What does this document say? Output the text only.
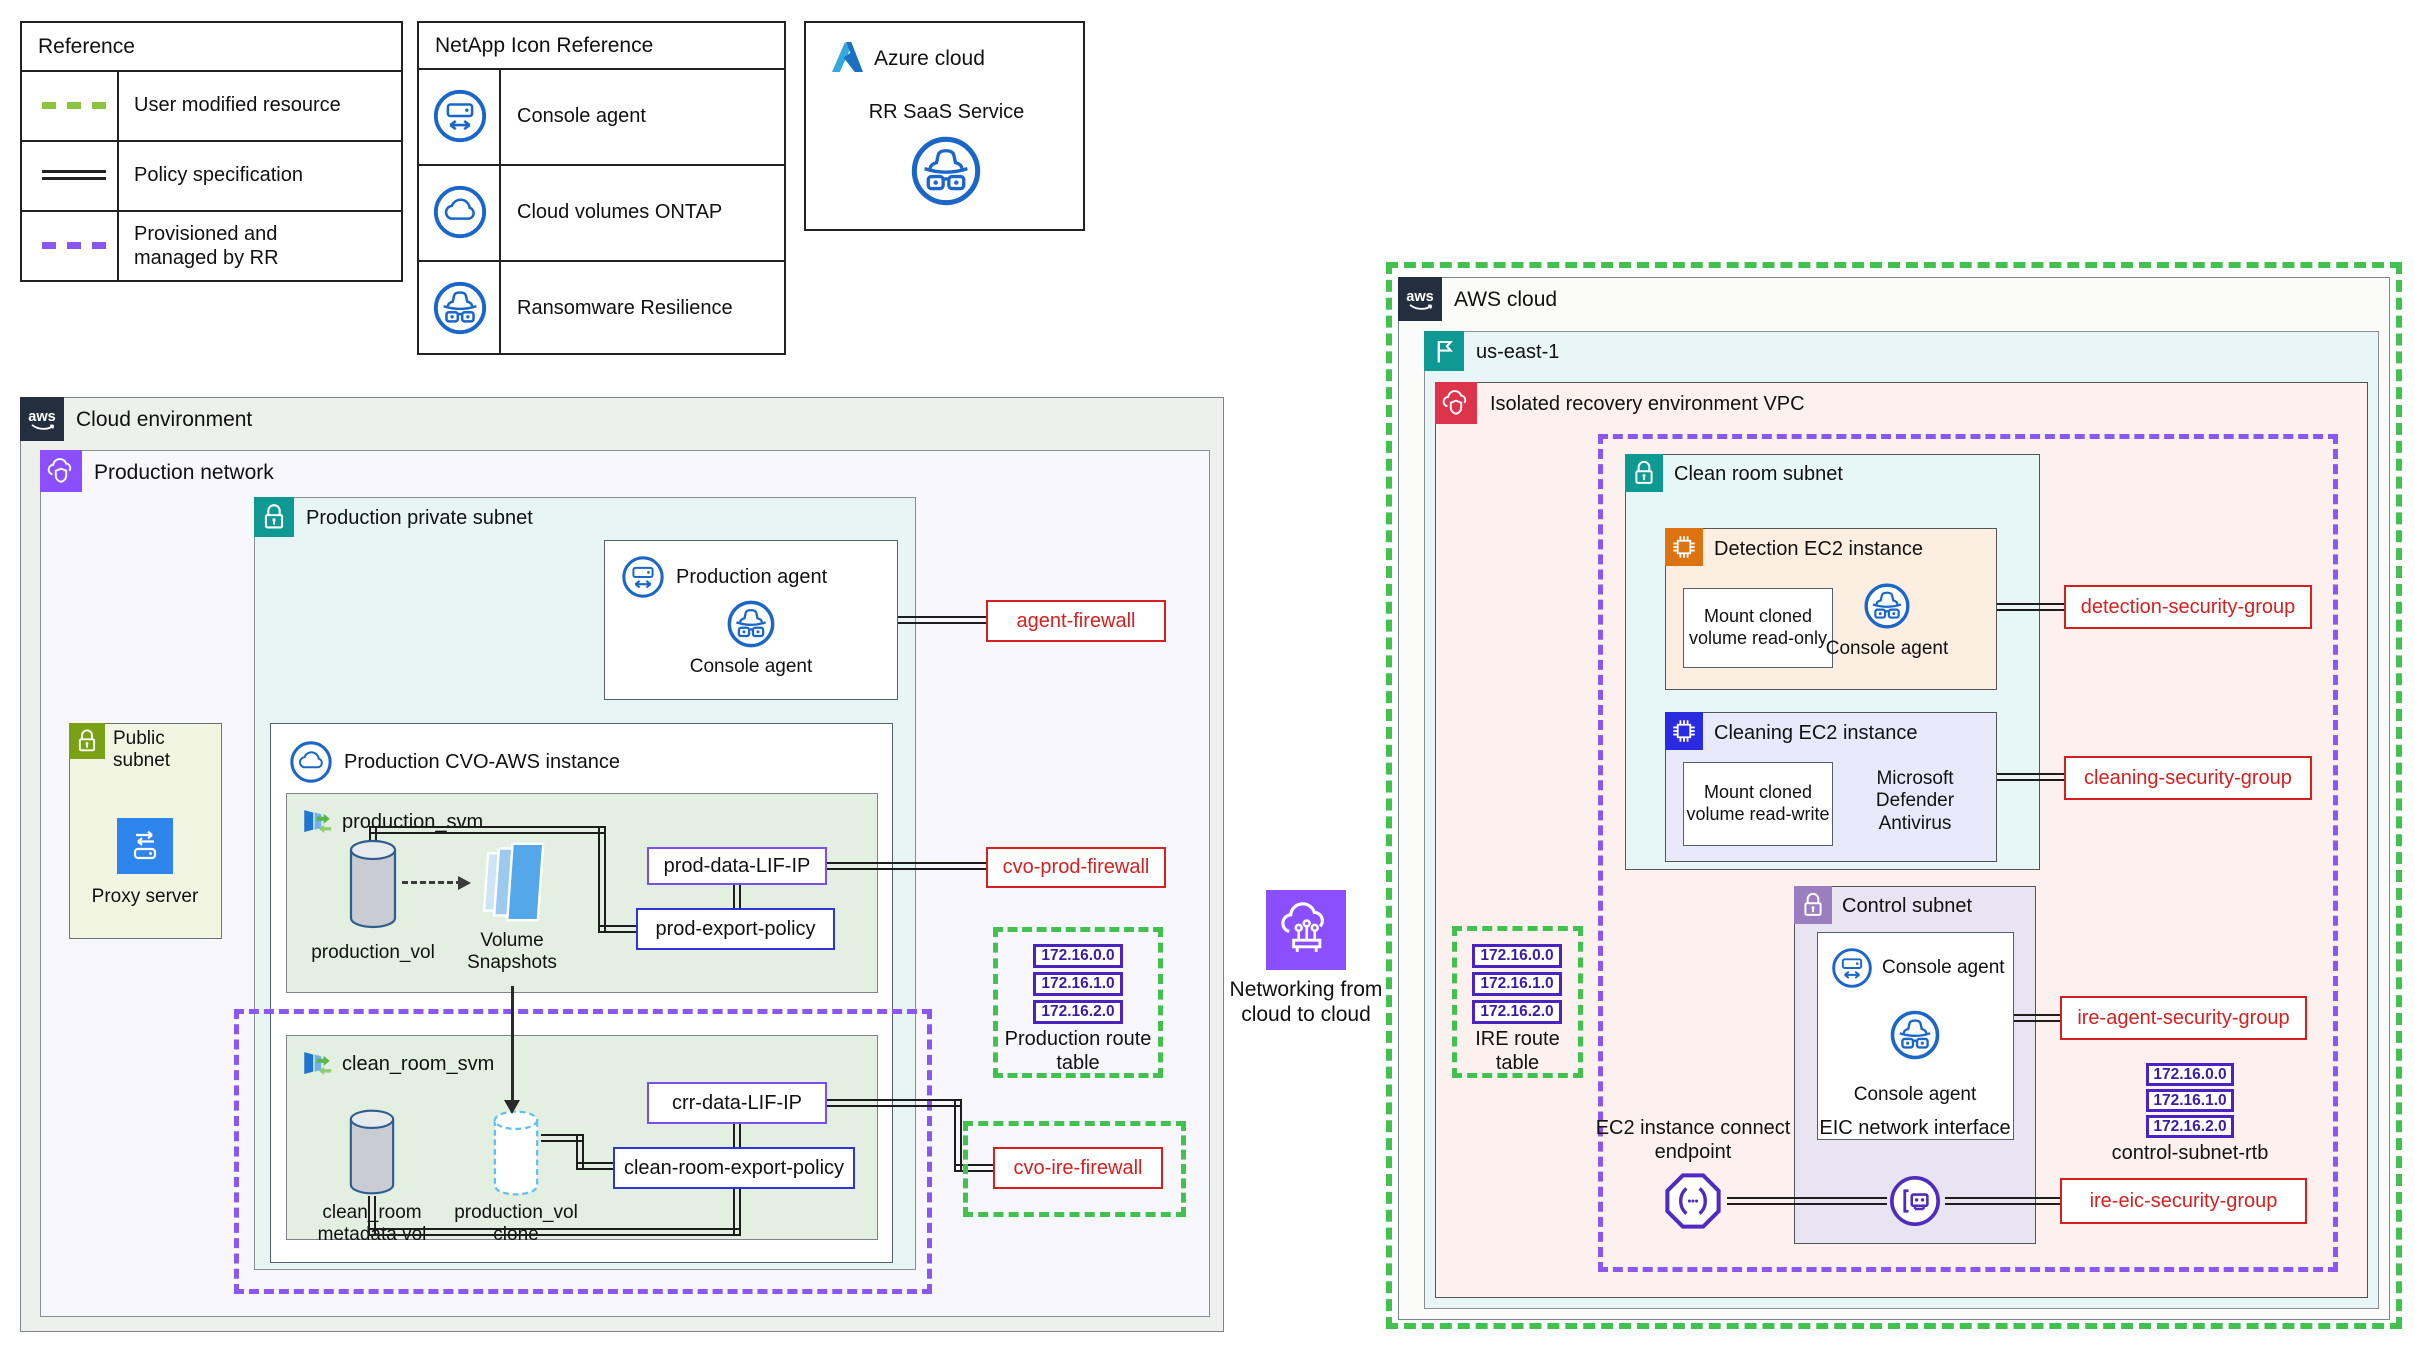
Reference
User modified resource
Policy specification
Provisioned and managed by RR
NetApp Icon Reference
Console agent
Cloud volumes ONTAP
Ransomware Resilience
Azure cloud
RR SaaS Service
Cloud environment
Production network
Production private subnet
Public subnet
Proxy server
Production agent
Console agent
agent-firewall
Production CVO-AWS instance
production_svm
production_vol
Volume Snapshots
prod-data-LIF-IP
prod-export-policy
cvo-prod-firewall
172.16.0.0
172.16.1.0
172.16.2.0
Production route table
clean_room_svm
clean_room metadata vol
production_vol clone
crr-data-LIF-IP
clean-room-export-policy	cvo-ire-firewall
Networking from cloud to cloud
AWS cloud
us-east-1
Isolated recovery environment VPC
Clean room subnet
Detection EC2 instance
Mount cloned volume read-only
Console agent
detection-security-group
Cleaning EC2 instance
Mount cloned volume read-write
Microsoft Defender Antivirus
cleaning-security-group
172.16.0.0
172.16.1.0
172.16.2.0
IRE route table
Control subnet
Console agent
Console agent
ire-agent-security-group
172.16.0.0
172.16.1.0
172.16.2.0
control-subnet-rtb
EC2 instance connect endpoint
EIC network interface
ire-eic-security-group
